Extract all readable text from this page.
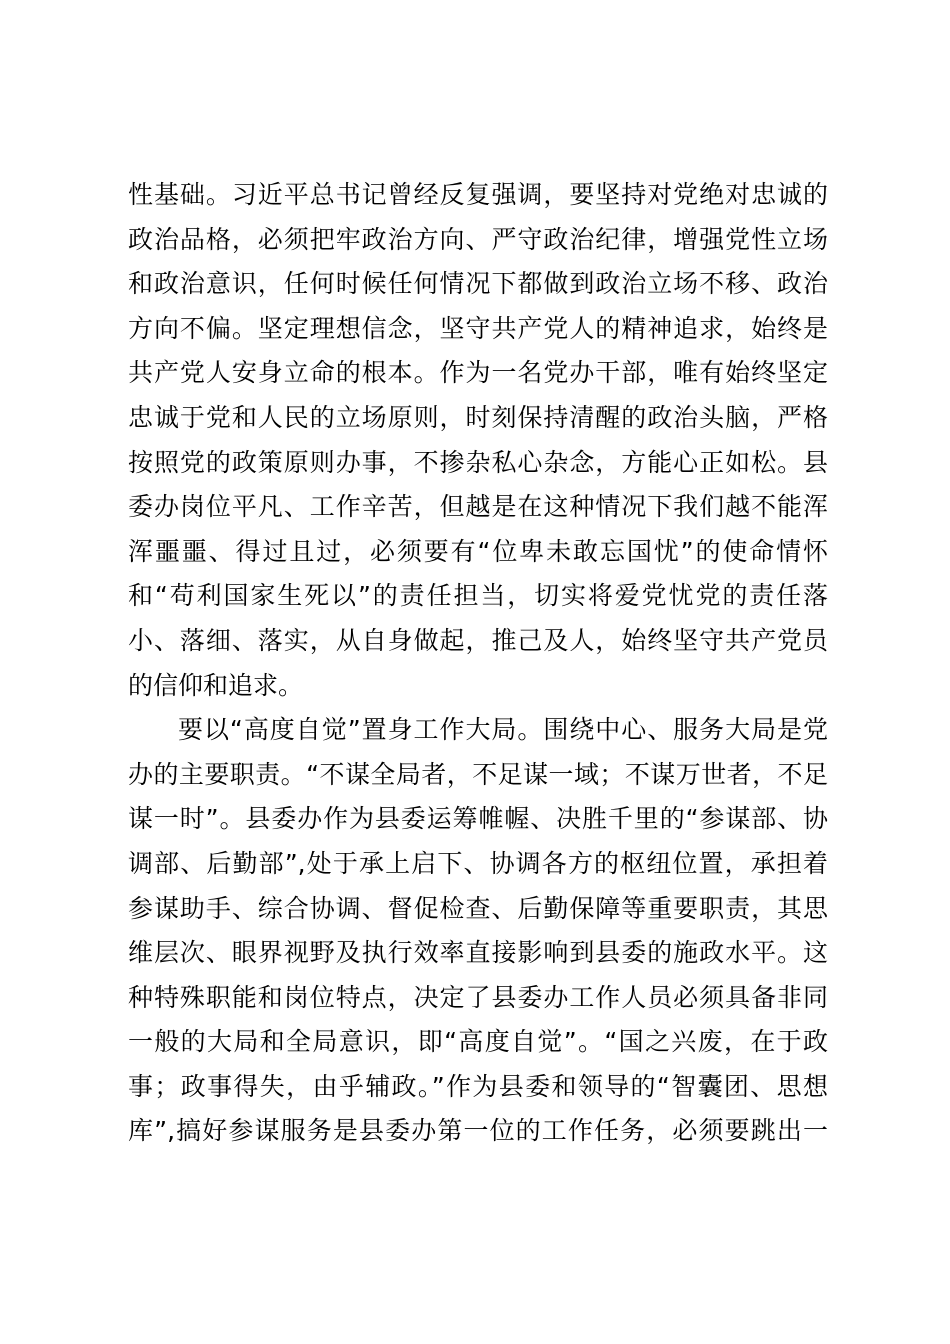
性基础。习近平总书记曾经反复强调，要坚持对党绝对忠诚的
政治品格，必须把牢政治方向、严守政治纪律，增强党性立场
和政治意识，任何时候任何情况下都做到政治立场不移、政治
方向不偏。坚定理想信念，坚守共产党人的精神追求，始终是
共产党人安身立命的根本。作为一名党办干部，唯有始终坚定
忠诚于党和人民的立场原则，时刻保持清醒的政治头脑，严格
按照党的政策原则办事，不掺杂私心杂念，方能心正如松。县
委办岗位平凡、工作辛苦，但越是在这种情况下我们越不能浑
浑噩噩、得过且过，必须要有“位卑未敢忘国忧”的使命情怀
和“苟利国家生死以”的责任担当，切实将爱党忧党的责任落
小、落细、落实，从自身做起，推己及人，始终坚守共产党员
的信仰和追求。
要以“高度自觉”置身工作大局。围绕中心、服务大局是党
办的主要职责。“不谋全局者，不足谋一域；不谋万世者，不足
谋一时”。县委办作为县委运筹帷幄、决胜千里的“参谋部、协
调部、后勤部”,处于承上启下、协调各方的枢纽位置，承担着
参谋助手、综合协调、督促检查、后勤保障等重要职责，其思
维层次、眼界视野及执行效率直接影响到县委的施政水平。这
种特殊职能和岗位特点，决定了县委办工作人员必须具备非同
一般的大局和全局意识，即“高度自觉”。“国之兴废，在于政
事；政事得失，由乎辅政。”作为县委和领导的“智囊团、思想
库”,搞好参谋服务是县委办第一位的工作任务，必须要跳出一
